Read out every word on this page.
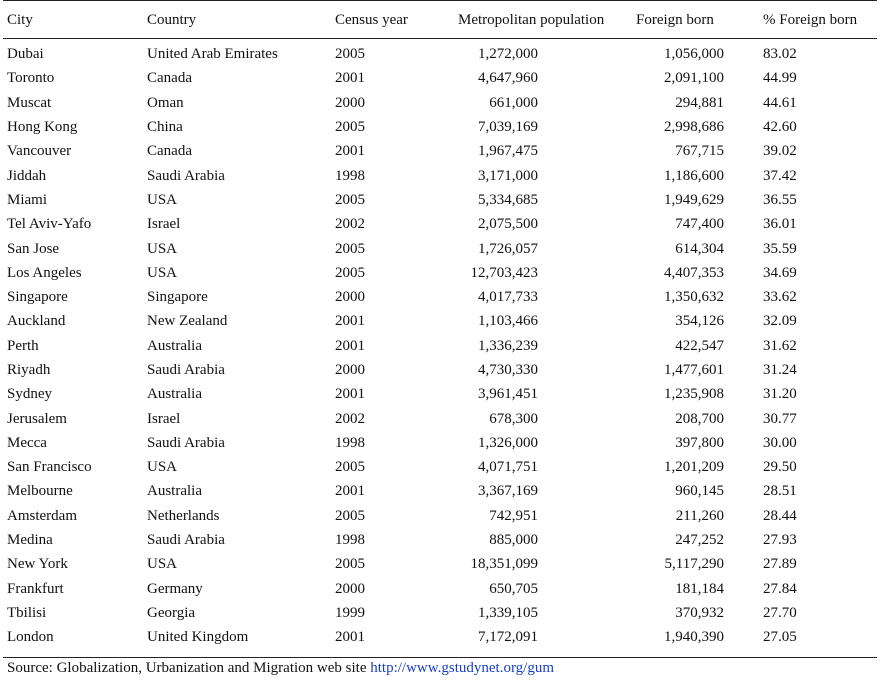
City	Country	Census year	Metropolitan population	Foreign born	% Foreign born
Dubai	United Arab Emirates	2005	1,272,000	1,056,000	83.02
Toronto	Canada	2001	4,647,960	2,091,100	44.99
Muscat	Oman	2000	661,000	294,881	44.61
Hong Kong	China	2005	7,039,169	2,998,686	42.60
Vancouver	Canada	2001	1,967,475	767,715	39.02
Jiddah	Saudi Arabia	1998	3,171,000	1,186,600	37.42
Miami	USA	2005	5,334,685	1,949,629	36.55
Tel Aviv-Yafo	Israel	2002	2,075,500	747,400	36.01
San Jose	USA	2005	1,726,057	614,304	35.59
Los Angeles	USA	2005	12,703,423	4,407,353	34.69
Singapore	Singapore	2000	4,017,733	1,350,632	33.62
Auckland	New Zealand	2001	1,103,466	354,126	32.09
Perth	Australia	2001	1,336,239	422,547	31.62
Riyadh	Saudi Arabia	2000	4,730,330	1,477,601	31.24
Sydney	Australia	2001	3,961,451	1,235,908	31.20
Jerusalem	Israel	2002	678,300	208,700	30.77
Mecca	Saudi Arabia	1998	1,326,000	397,800	30.00
San Francisco	USA	2005	4,071,751	1,201,209	29.50
Melbourne	Australia	2001	3,367,169	960,145	28.51
Amsterdam	Netherlands	2005	742,951	211,260	28.44
Medina	Saudi Arabia	1998	885,000	247,252	27.93
New York	USA	2005	18,351,099	5,117,290	27.89
Frankfurt	Germany	2000	650,705	181,184	27.84
Tbilisi	Georgia	1999	1,339,105	370,932	27.70
London	United Kingdom	2001	7,172,091	1,940,390	27.05
Source: Globalization, Urbanization and Migration web site http://www.gstudynet.org/gum
